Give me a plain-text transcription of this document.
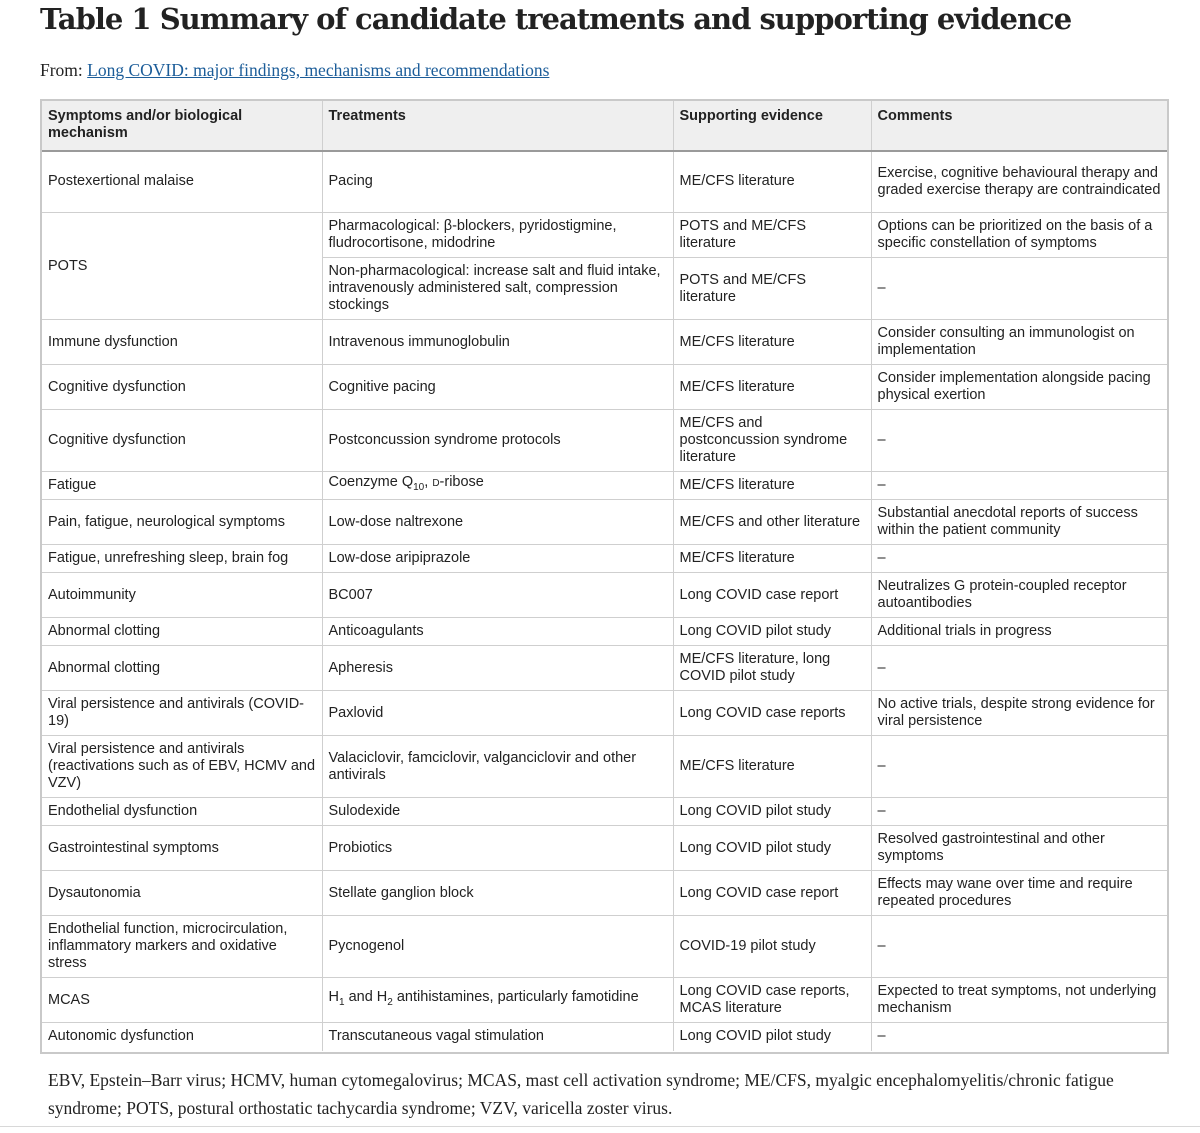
Table 1 Summary of candidate treatments and supporting evidence
From: Long COVID: major findings, mechanisms and recommendations
Symptoms and/or biological mechanism	Treatments	Supporting evidence	Comments
Postexertional malaise	Pacing	ME/CFS literature	Exercise, cognitive behavioural therapy and graded exercise therapy are contraindicated
POTS	Pharmacological: β-blockers, pyridostigmine, fludrocortisone, midodrine	POTS and ME/CFS literature	Options can be prioritized on the basis of a specific constellation of symptoms
	Non-pharmacological: increase salt and fluid intake, intravenously administered salt, compression stockings	POTS and ME/CFS literature	–
Immune dysfunction	Intravenous immunoglobulin	ME/CFS literature	Consider consulting an immunologist on implementation
Cognitive dysfunction	Cognitive pacing	ME/CFS literature	Consider implementation alongside pacing physical exertion
Cognitive dysfunction	Postconcussion syndrome protocols	ME/CFS and postconcussion syndrome literature	–
Fatigue	Coenzyme $Q_{10}$, d-ribose	ME/CFS literature	–
Pain, fatigue, neurological symptoms	Low-dose naltrexone	ME/CFS and other literature	Substantial anecdotal reports of success within the patient community
Fatigue, unrefreshing sleep, brain fog	Low-dose aripiprazole	ME/CFS literature	–
Autoimmunity	BC007	Long COVID case report	Neutralizes G protein-coupled receptor autoantibodies
Abnormal clotting	Anticoagulants	Long COVID pilot study	Additional trials in progress
Abnormal clotting	Apheresis	ME/CFS literature, long COVID pilot study	–
Viral persistence and antivirals (COVID-19)	Paxlovid	Long COVID case reports	No active trials, despite strong evidence for viral persistence
Viral persistence and antivirals (reactivations such as of EBV, HCMV and VZV)	Valaciclovir, famciclovir, valganciclovir and other antivirals	ME/CFS literature	–
Endothelial dysfunction	Sulodexide	Long COVID pilot study	–
Gastrointestinal symptoms	Probiotics	Long COVID pilot study	Resolved gastrointestinal and other symptoms
Dysautonomia	Stellate ganglion block	Long COVID case report	Effects may wane over time and require repeated procedures
Endothelial function, microcirculation, inflammatory markers and oxidative stress	Pycnogenol	COVID-19 pilot study	–
MCAS	$H_1$ and $H_2$ antihistamines, particularly famotidine	Long COVID case reports, MCAS literature	Expected to treat symptoms, not underlying mechanism
Autonomic dysfunction	Transcutaneous vagal stimulation	Long COVID pilot study	–
EBV, Epstein–Barr virus; HCMV, human cytomegalovirus; MCAS, mast cell activation syndrome; ME/CFS, myalgic encephalomyelitis/chronic fatigue syndrome; POTS, postural orthostatic tachycardia syndrome; VZV, varicella zoster virus.
